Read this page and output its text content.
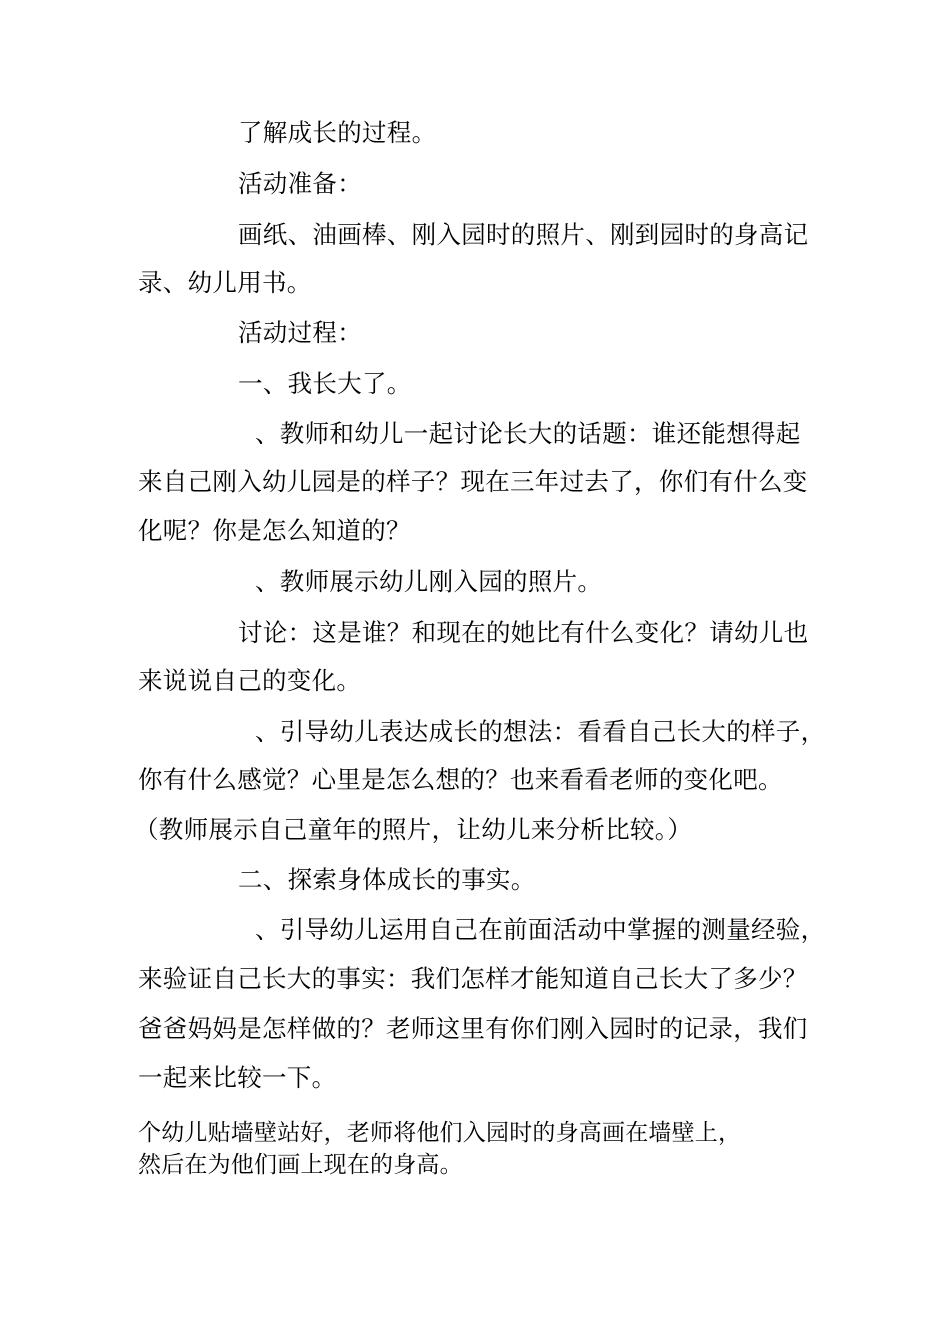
了解成长的过程。
活动准备：
画纸、油画棒、刚入园时的照片、刚到园时的身高记
录、幼儿用书。
活动过程：
一、我长大了。
、教师和幼儿一起讨论长大的话题：谁还能想得起
来自己刚入幼儿园是的样子？现在三年过去了，你们有什么变
化呢？你是怎么知道的？
、教师展示幼儿刚入园的照片。
讨论：这是谁？和现在的她比有什么变化？请幼儿也
来说说自己的变化。
、引导幼儿表达成长的想法：看看自己长大的样子，
你有什么感觉？心里是怎么想的？也来看看老师的变化吧。
（教师展示自己童年的照片，让幼儿来分析比较。）
二、探索身体成长的事实。
、引导幼儿运用自己在前面活动中掌握的测量经验，
来验证自己长大的事实：我们怎样才能知道自己长大了多少？
爸爸妈妈是怎样做的？老师这里有你们刚入园时的记录，我们
一起来比较一下。
个幼儿贴墙壁站好，老师将他们入园时的身高画在墙壁上，
然后在为他们画上现在的身高。
